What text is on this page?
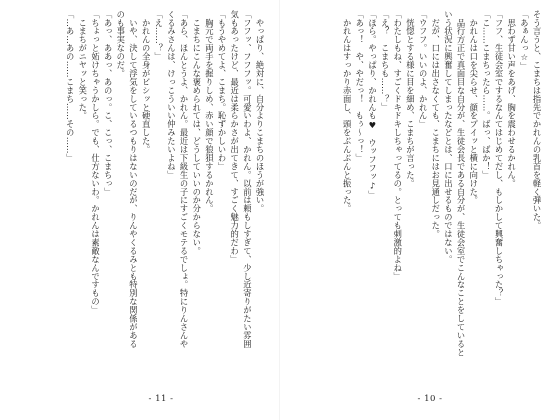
そう言うと、こまちは指先でかれんの乳首を軽く弾いた。
「あぁんっ☆」
　思わず甘い声をあげ、胸を震わせるかれん。
「フフ、生徒会室でするなんてはじめてだし、もしかして興奮しちゃった？」
「こ……こまちったら……。ばっ、ばか！」
　かれんは口を尖らせ、顔をプイッと横に向けた。
　品行方正で真面目な自分が、生徒会長である自分が、生徒会室でこんなことをしていると
いう状況に興奮してしまったなどとは、口に出せるものではない。
　だが、口には出さなくても、こまちにはお見通しだった。
「ウフフ。いいのよ、かれん」
　恍惚とする様に目を細め、こまちが言った。
「わたしもね、すごくドキドキしちゃってるの。とっても刺激的よね」
「え？　こまちも……？」
「ほら。やっぱり、かれんも♥　ウッフフッ♪」
「あっ！　や、やだっ！　もぅ～っ！」
　かれんはすっかり赤面し、頭をぶんぶんと振った。
- 10 -
　やっぱり、絶対に、自分よりこまちのほうが強い。
「フフッ、フフフッ。可愛いわよ、かれん。以前は頼もしすぎて、少し近寄りがたい雰囲
気もあったけど、最近は柔らかさが出てきて、すごく魅力的だわ」
「もうやめてよ、こまち。恥ずかしいわ」
　胸元で両手を握りしめ、赤い顔で狼狽するかれん。
　こまちにこんな褒められては、どうしていいのか分からない。
「あら、ほんとうよ、かれん。最近は下級生の子にすごくモテるでしょ。特にりんさんや
くるみさんは、けっこういい仲みたいよね」
「え……？」
　かれんの全身がビシッと硬直した。
　いや、決して浮気をしているつもりはないのだが、りんやくるみとも特別な関係がある
のも事実なのだ。
「あっ、ああっ、あのっ。こ、こっ、こまちっ」
「ちょっと妬けちゃうかしら。でも、仕方ないわ。かれんは素敵なんですもの」
　こまちがニヤッと笑った。
「…あ…あの……こまち……その……」
- 11 -
